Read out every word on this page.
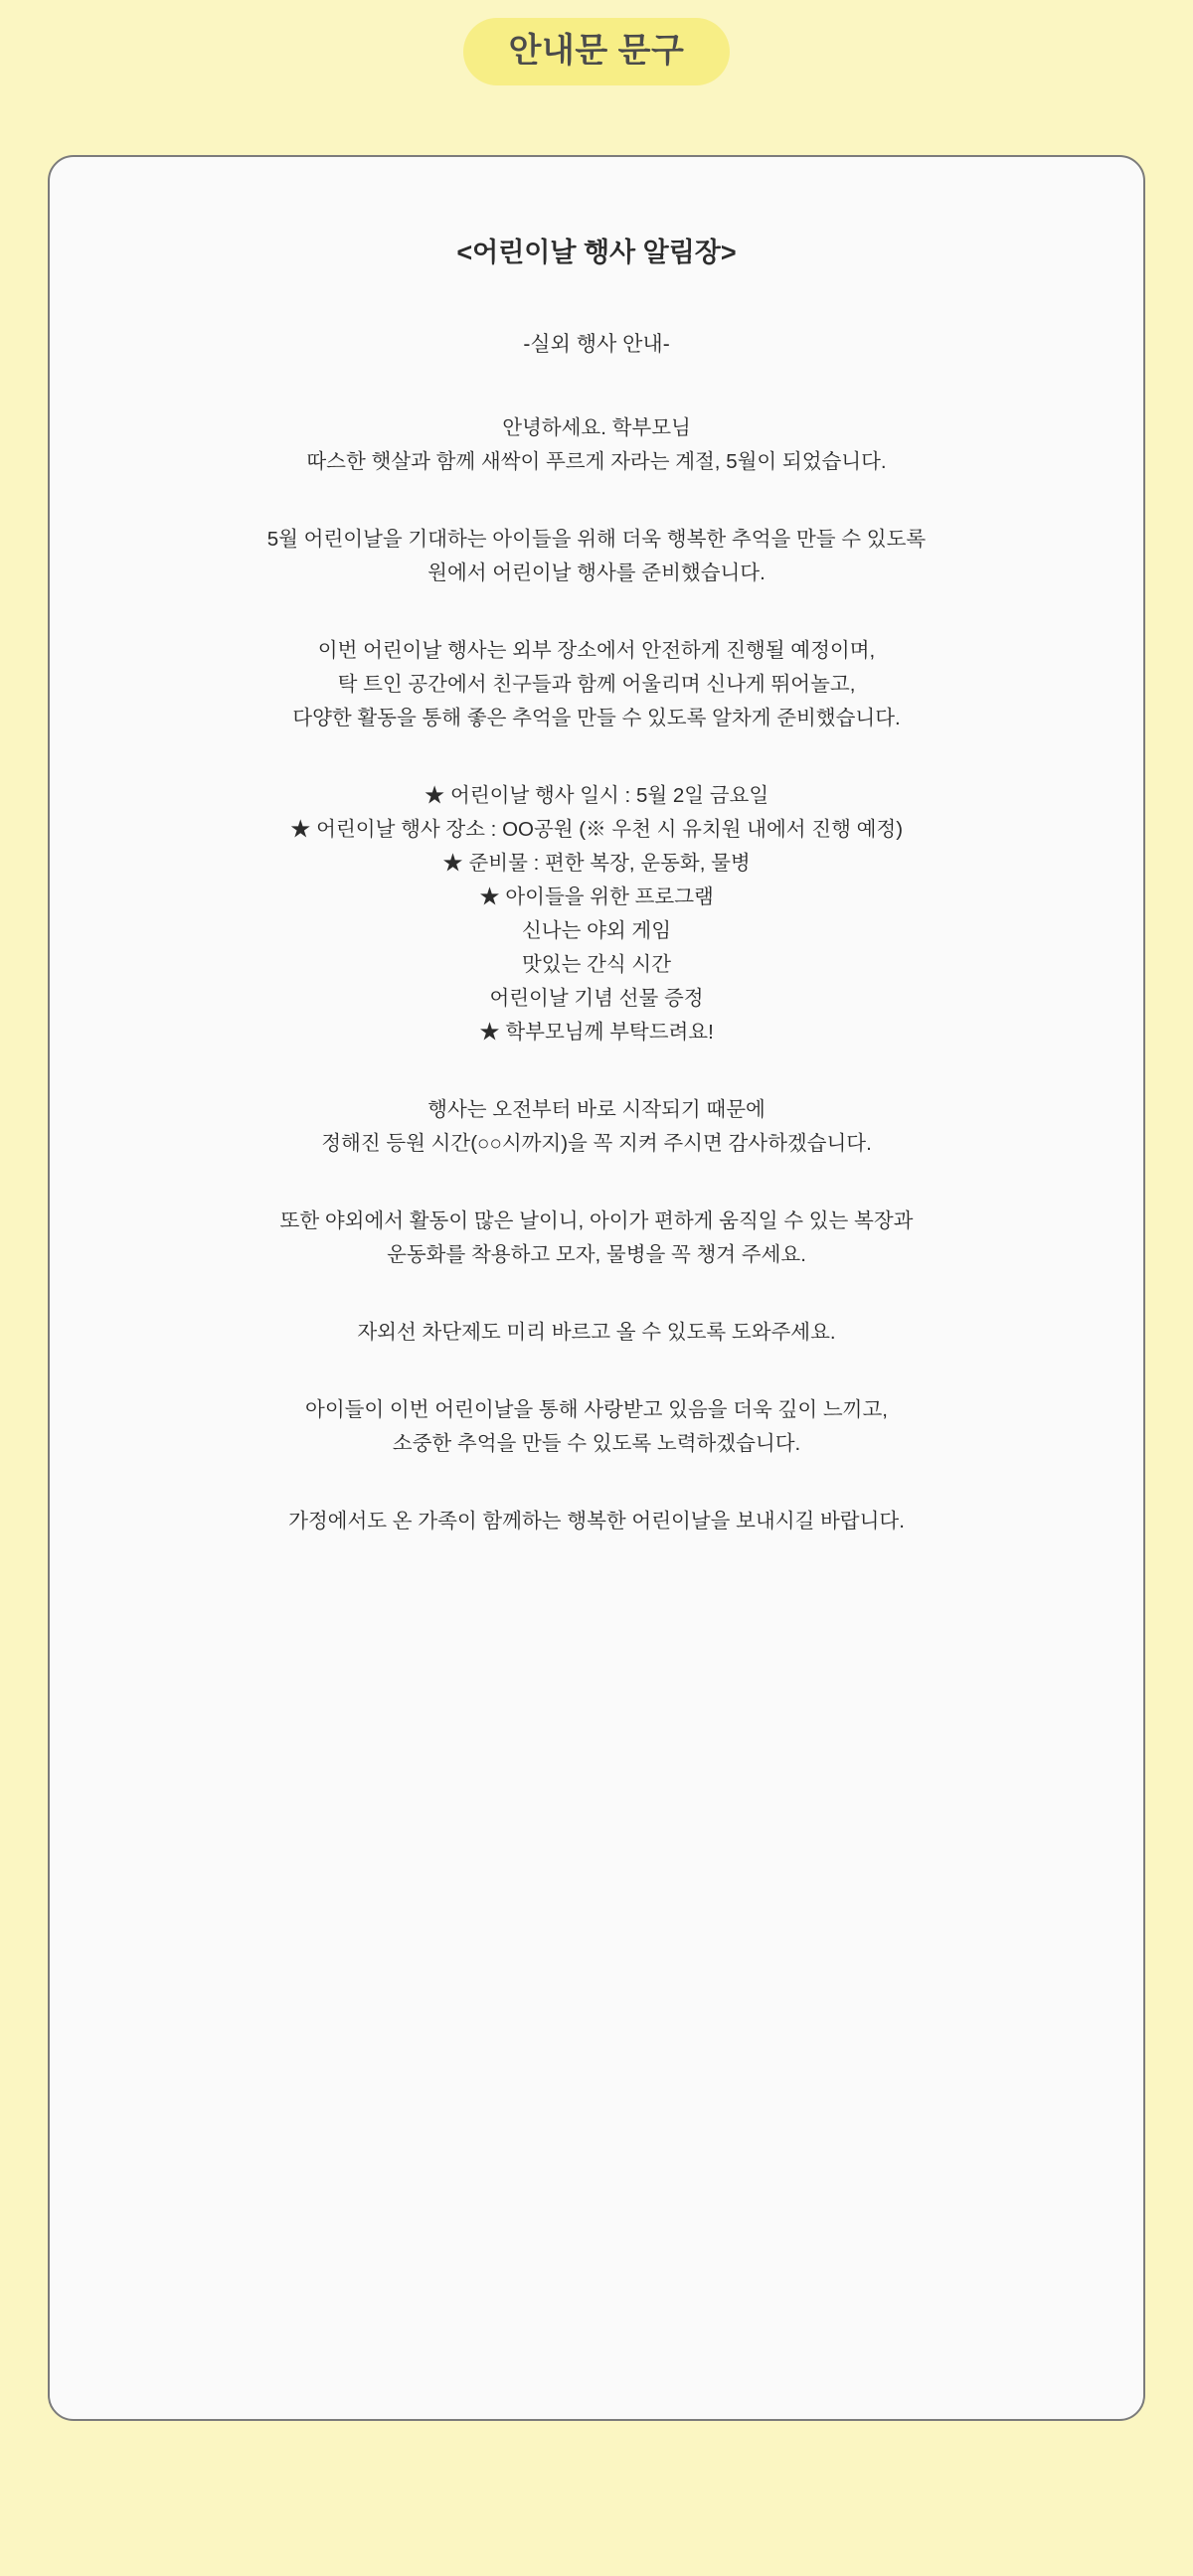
안내문 문구
<어린이날 행사 알림장>
-실외 행사 안내-
안녕하세요. 학부모님
따스한 햇살과 함께 새싹이 푸르게 자라는 계절, 5월이 되었습니다.
5월 어린이날을 기대하는 아이들을 위해 더욱 행복한 추억을 만들 수 있도록
원에서 어린이날 행사를 준비했습니다.
이번 어린이날 행사는 외부 장소에서 안전하게 진행될 예정이며,
탁 트인 공간에서 친구들과 함께 어울리며 신나게 뛰어놀고,
다양한 활동을 통해 좋은 추억을 만들 수 있도록 알차게 준비했습니다.
★ 어린이날 행사 일시 : 5월 2일 금요일
★ 어린이날 행사 장소 : OO공원 (※ 우천 시 유치원 내에서 진행 예정)
★ 준비물 : 편한 복장, 운동화, 물병
★ 아이들을 위한 프로그램
신나는 야외 게임
맛있는 간식 시간
어린이날 기념 선물 증정
★ 학부모님께 부탁드려요!
행사는 오전부터 바로 시작되기 때문에
정해진 등원 시간(○○시까지)을 꼭 지켜 주시면 감사하겠습니다.
또한 야외에서 활동이 많은 날이니, 아이가 편하게 움직일 수 있는 복장과
운동화를 착용하고 모자, 물병을 꼭 챙겨 주세요.
자외선 차단제도 미리 바르고 올 수 있도록 도와주세요.
아이들이 이번 어린이날을 통해 사랑받고 있음을 더욱 깊이 느끼고,
소중한 추억을 만들 수 있도록 노력하겠습니다.
가정에서도 온 가족이 함께하는 행복한 어린이날을 보내시길 바랍니다.
